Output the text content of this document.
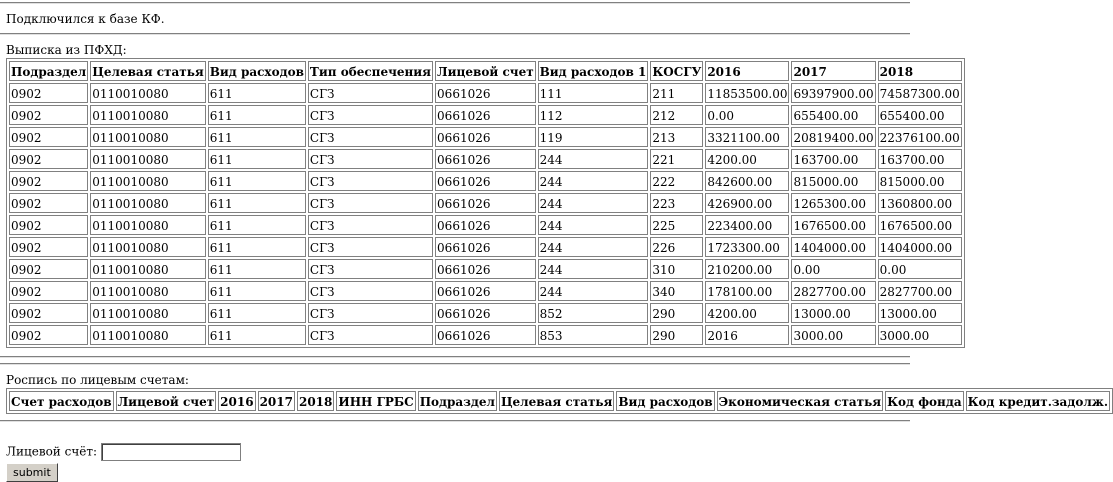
Подключился к базе КФ.
Выписка из ПФХД:
Подраздел	Целевая статья	Вид расходов	Тип обеспечения	Лицевой счет	Вид расходов 1	КОСГУ	2016	2017	2018
0902	0110010080	611	СГЗ	0661026	111	211	11853500.00	69397900.00	74587300.00
0902	0110010080	611	СГЗ	0661026	112	212	0.00	655400.00	655400.00
0902	0110010080	611	СГЗ	0661026	119	213	3321100.00	20819400.00	22376100.00
0902	0110010080	611	СГЗ	0661026	244	221	4200.00	163700.00	163700.00
0902	0110010080	611	СГЗ	0661026	244	222	842600.00	815000.00	815000.00
0902	0110010080	611	СГЗ	0661026	244	223	426900.00	1265300.00	1360800.00
0902	0110010080	611	СГЗ	0661026	244	225	223400.00	1676500.00	1676500.00
0902	0110010080	611	СГЗ	0661026	244	226	1723300.00	1404000.00	1404000.00
0902	0110010080	611	СГЗ	0661026	244	310	210200.00	0.00	0.00
0902	0110010080	611	СГЗ	0661026	244	340	178100.00	2827700.00	2827700.00
0902	0110010080	611	СГЗ	0661026	852	290	4200.00	13000.00	13000.00
0902	0110010080	611	СГЗ	0661026	853	290	2016	3000.00	3000.00
Роспись по лицевым счетам:
Счет расходов	Лицевой счет	2016	2017	2018	ИНН ГРБС	Подраздел	Целевая статья	Вид расходов	Экономическая статья	Код фонда	Код кредит.задолж.
Лицевой счёт:
submit
